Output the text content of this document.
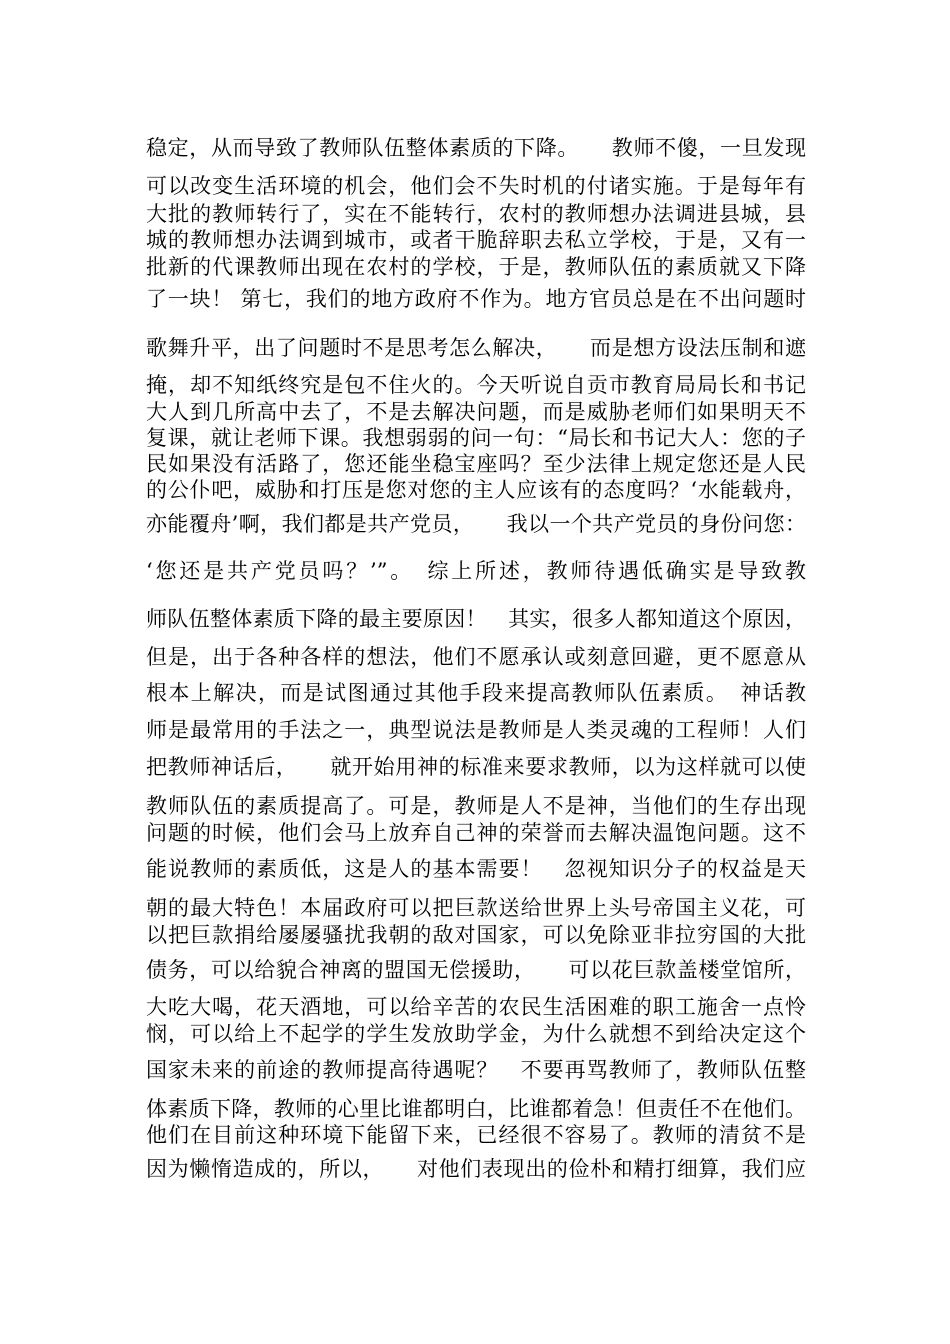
稳定，从而导致了教师队伍整体素质的下降。　　教师不傻，一旦发现
可以改变生活环境的机会，他们会不失时机的付诸实施。于是每年有
大批的教师转行了，实在不能转行，农村的教师想办法调进县城，县
城的教师想办法调到城市，或者干脆辞职去私立学校，于是，又有一
批新的代课教师出现在农村的学校，于是，教师队伍的素质就又下降
了一块！ 第七，我们的地方政府不作为。地方官员总是在不出问题时
歌舞升平，出了问题时不是思考怎么解决，　　而是想方设法压制和遮
掩，却不知纸终究是包不住火的。今天听说自贡市教育局局长和书记
大人到几所高中去了，不是去解决问题，而是威胁老师们如果明天不
复课，就让老师下课。我想弱弱的问一句：“局长和书记大人：您的子
民如果没有活路了，您还能坐稳宝座吗？至少法律上规定您还是人民
的公仆吧，威胁和打压是您对您的主人应该有的态度吗？‘水能载舟，
亦能覆舟’啊，我们都是共产党员，　　我以一个共产党员的身份问您：
‘您还是共产党员吗？’”。　综上所述，教师待遇低确实是导致教
师队伍整体素质下降的最主要原因！　其实，很多人都知道这个原因，
但是，出于各种各样的想法，他们不愿承认或刻意回避，更不愿意从
根本上解决，而是试图通过其他手段来提高教师队伍素质。　神话教
师是最常用的手法之一，典型说法是教师是人类灵魂的工程师！人们
把教师神话后，　　就开始用神的标准来要求教师，以为这样就可以使
教师队伍的素质提高了。可是，教师是人不是神，当他们的生存出现
问题的时候，他们会马上放弃自己神的荣誉而去解决温饱问题。这不
能说教师的素质低，这是人的基本需要！　忽视知识分子的权益是天
朝的最大特色！本届政府可以把巨款送给世界上头号帝国主义花，可
以把巨款捐给屡屡骚扰我朝的敌对国家，可以免除亚非拉穷国的大批
债务，可以给貌合神离的盟国无偿援助，　　可以花巨款盖楼堂馆所，
大吃大喝，花天酒地，可以给辛苦的农民生活困难的职工施舍一点怜
悯，可以给上不起学的学生发放助学金，为什么就想不到给决定这个
国家未来的前途的教师提高待遇呢？　不要再骂教师了，教师队伍整
体素质下降，教师的心里比谁都明白，比谁都着急！但责任不在他们。
他们在目前这种环境下能留下来，已经很不容易了。教师的清贫不是
因为懒惰造成的，所以，　　对他们表现出的俭朴和精打细算，我们应
